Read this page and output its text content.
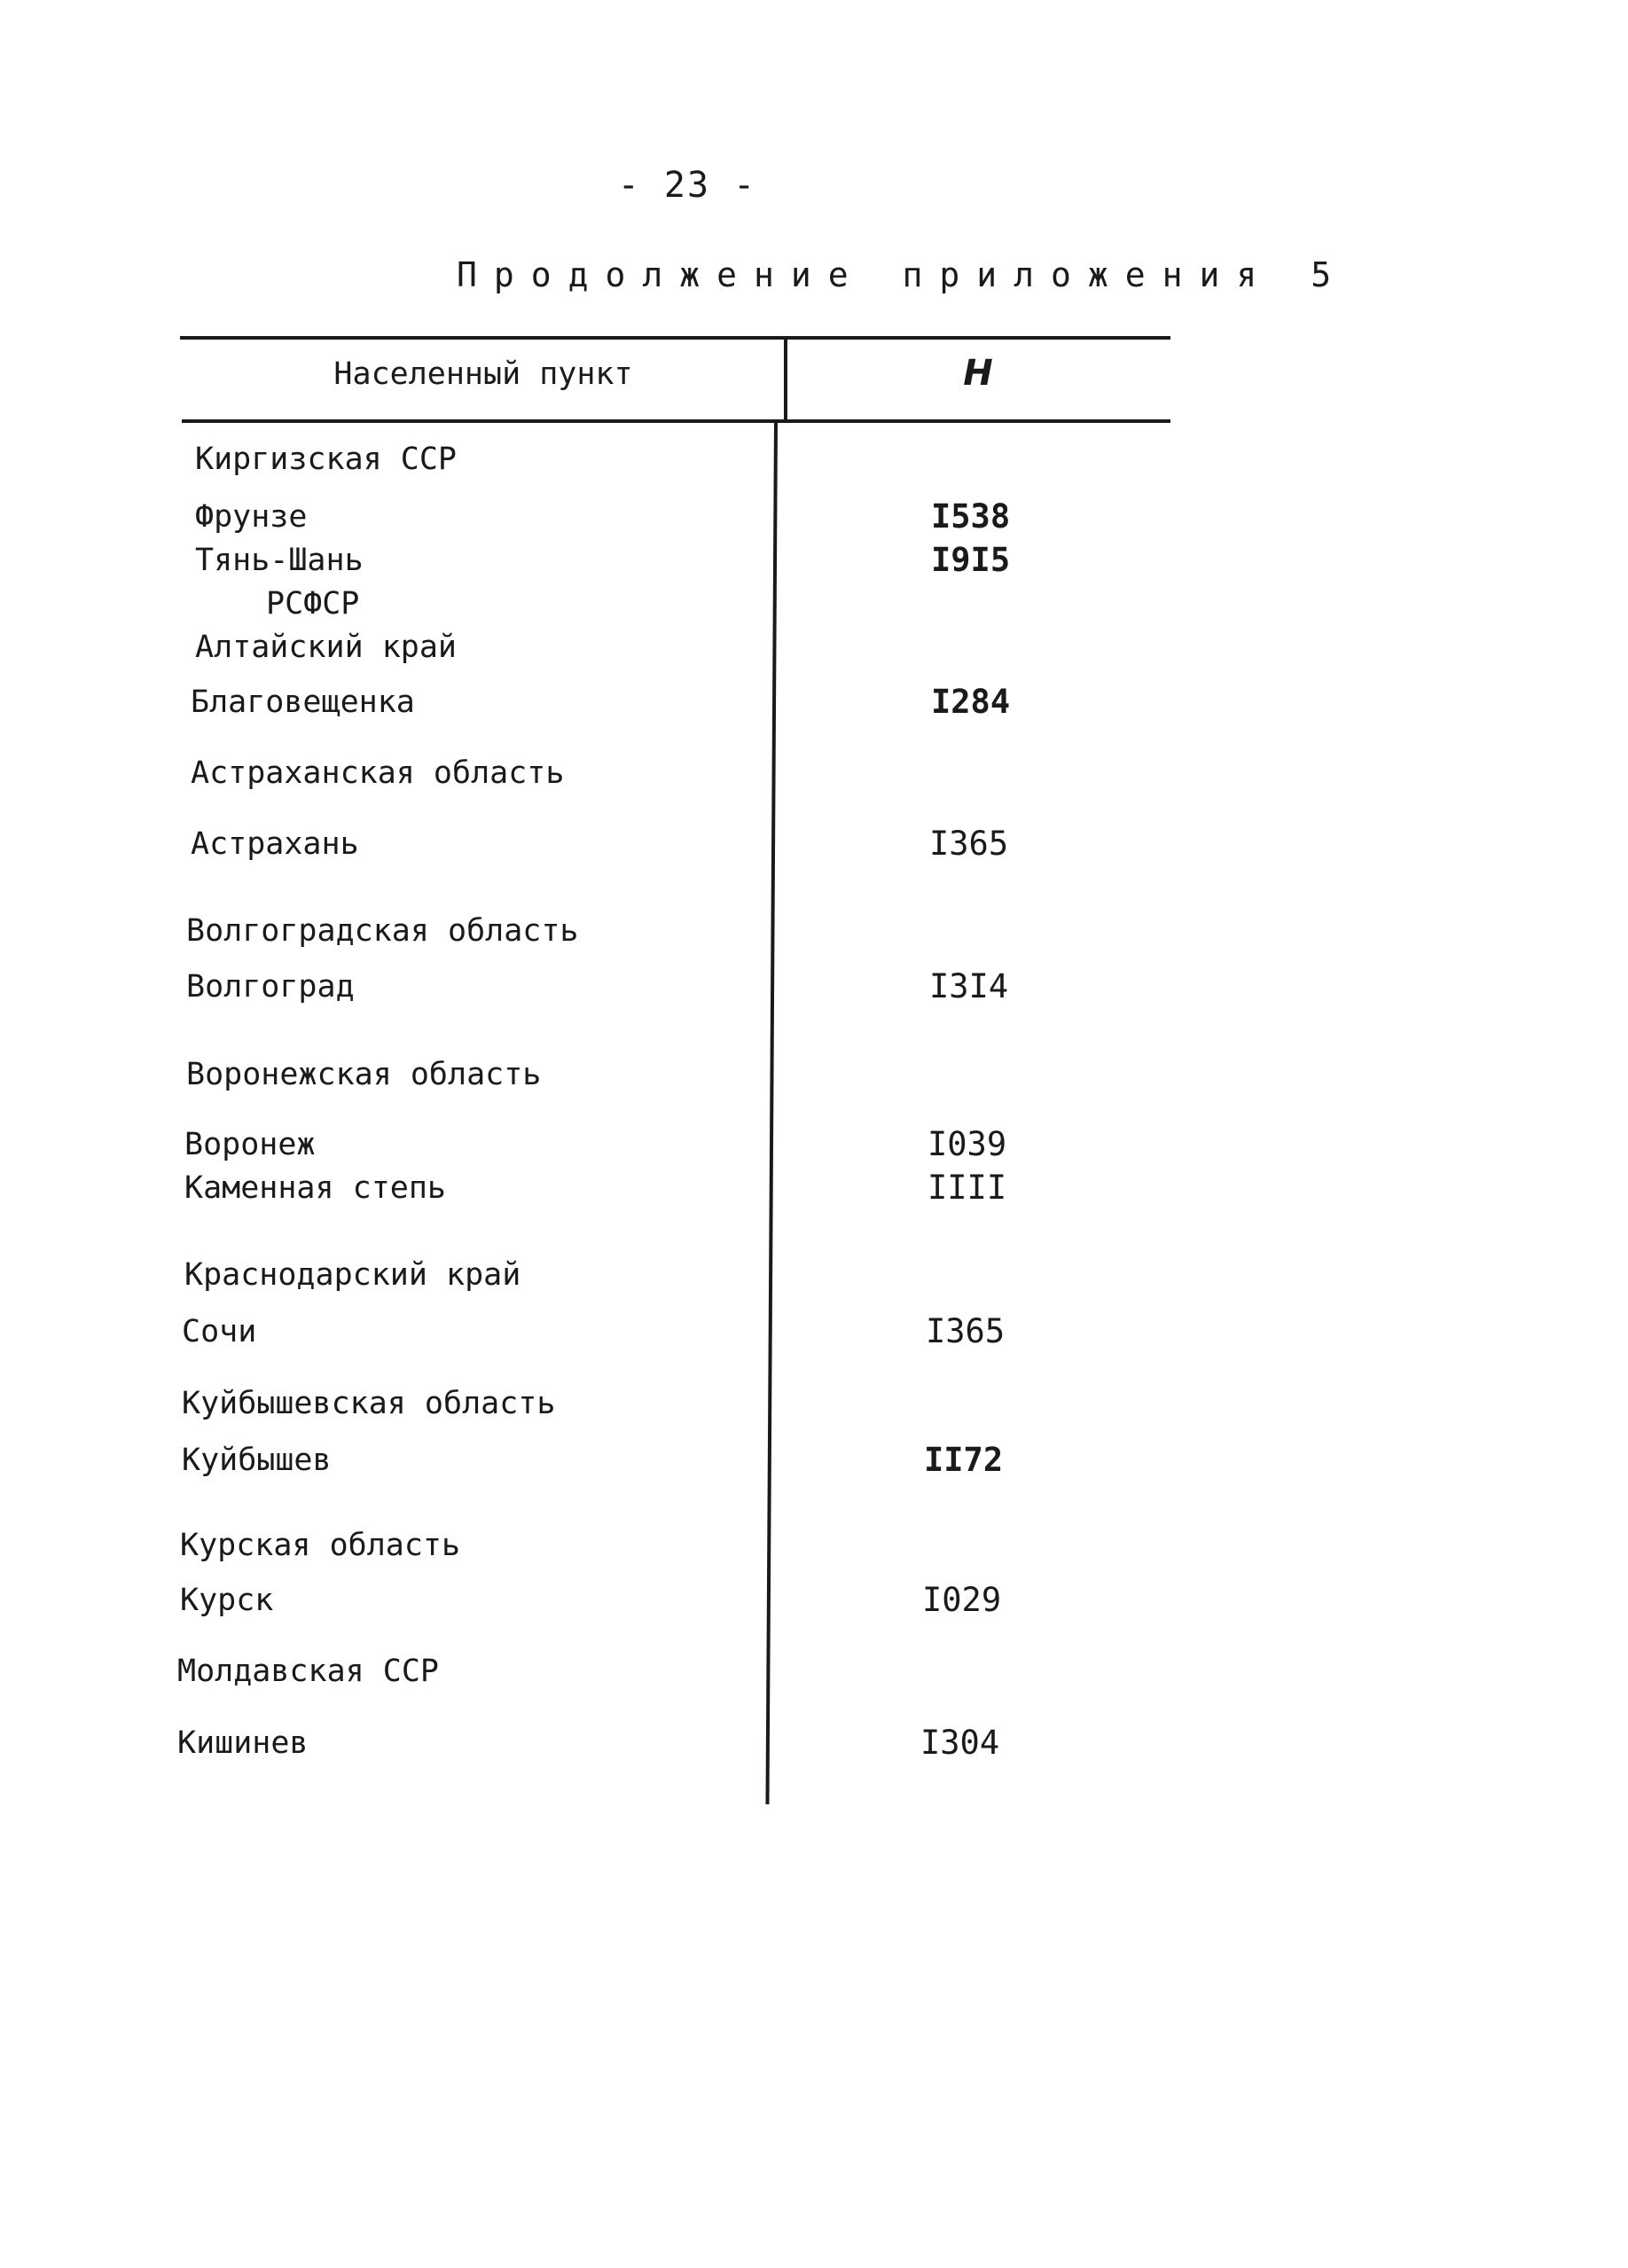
- 23 -
Продолжение приложения 5
Населенный пункт	Н
Киргизская ССР
Фрунзе	I538
Тянь-Шань	I9I5
РСФСР
Алтайский край
Благовещенка	I284
Астраханская область
Астрахань	I365
Волгоградская область
Волгоград	I3I4
Воронежская область
Воронеж	I039
Каменная степь	IIII
Краснодарский край
Сочи	I365
Куйбышевская область
Куйбышев	II72
Курская область
Курск	I029
Молдавская ССР
Кишинев	I304
